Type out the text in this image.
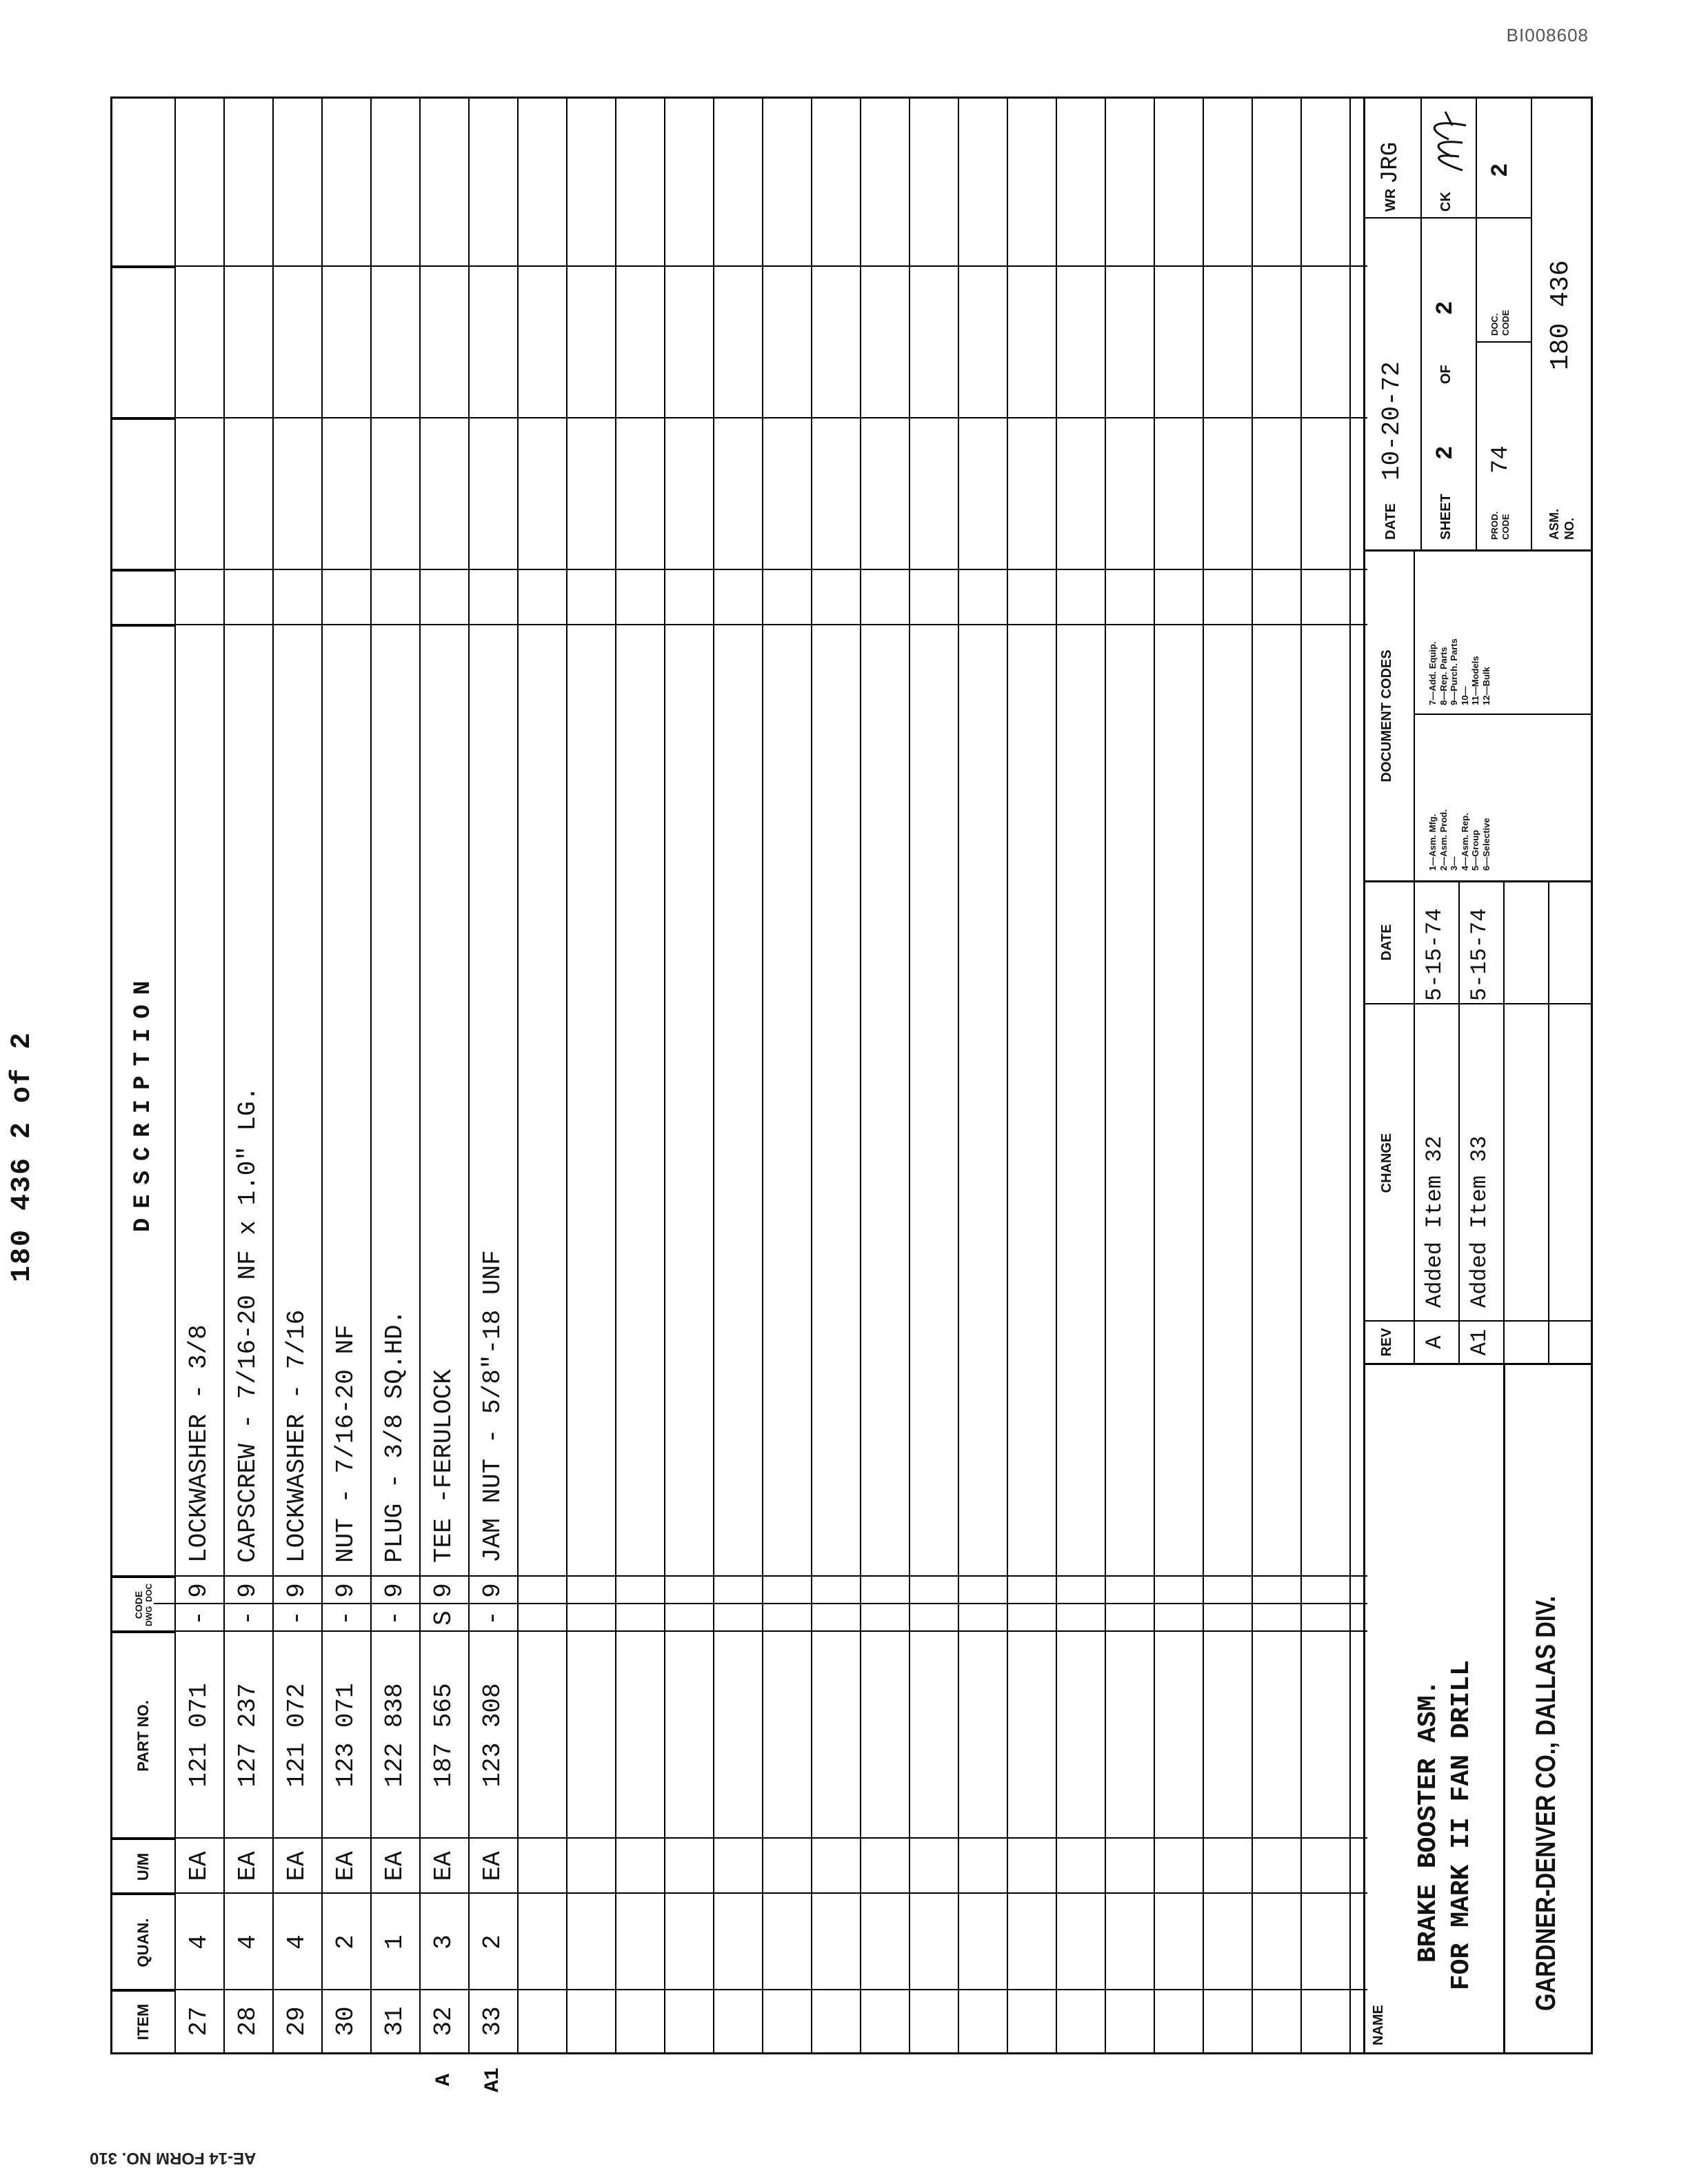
BI008608
AE-14 FORM NO. 310
180 436 2 of 2
ITEM
QUAN.
U/M
PART NO.
CODE DWG
DOC
DESCRIPTION
27
4
EA
121 071
-
9
LOCKWASHER - 3/8
28
4
EA
127 237
-
9
CAPSCREW - 7/16-20 NF x 1.0" LG.
29
4
EA
121 072
-
9
LOCKWASHER - 7/16
30
2
EA
123 071
-
9
NUT - 7/16-20 NF
31
1
EA
122 838
-
9
PLUG - 3/8 SQ.HD.
32
3
EA
187 565
S
9
TEE -FERULOCK
33
2
EA
123 308
-
9
JAM NUT - 5/8"-18 UNF
A	A1
NAME
BRAKE BOOSTER ASM. FOR MARK II FAN DRILL GARDNER-DENVER CO., DALLAS DIV.
REV
CHANGE
DATE
A
Added Item 32
5-15-74
A1
Added Item 33
5-15-74
DOCUMENT CODES
1—Asm. Mfg. 2—Asm. Prod. 3— 4—Asm. Rep. 5—Group 6—Selective
7—Add. Equip. 8—Rep. Parts 9—Purch. Parts 10— 11—Models 12—Bulk
DATE
10-20-72
WR
JRG
SHEET
2
OF
2
CK
PROD. CODE
74
DOC. CODE
2
ASM. NO.
180 436
